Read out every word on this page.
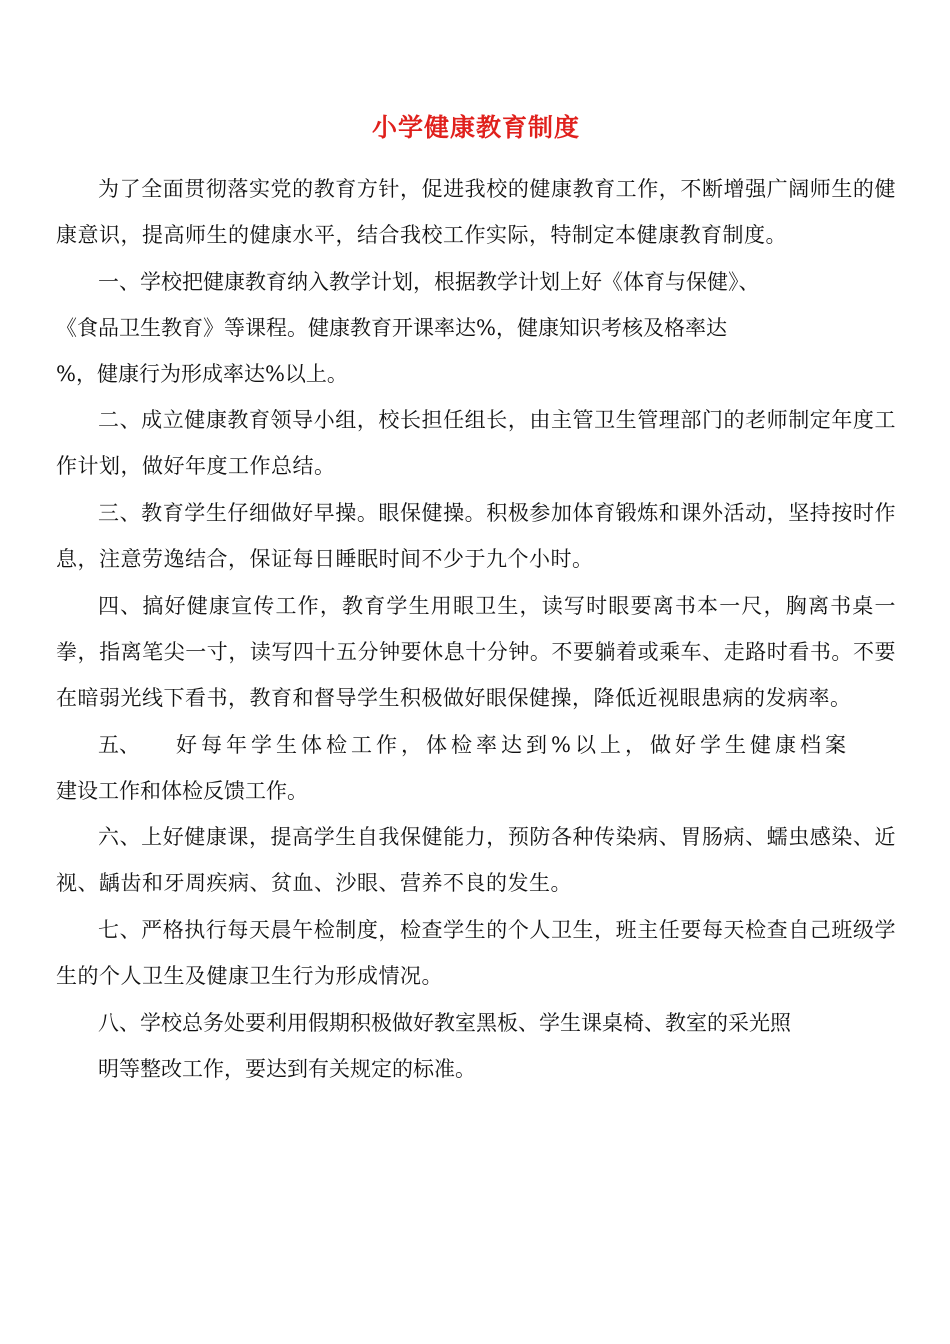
小学健康教育制度

为了全面贯彻落实党的教育方针，促进我校的健康教育工作，不断增强广阔师生的健康意识，提高师生的健康水平，结合我校工作实际，特制定本健康教育制度。

一、学校把健康教育纳入教学计划，根据教学计划上好《体育与保健》、

《食品卫生教育》等课程。健康教育开课率达%，健康知识考核及格率达

%，健康行为形成率达%以上。

二、成立健康教育领导小组，校长担任组长，由主管卫生管理部门的老师制定年度工作计划，做好年度工作总结。

三、教育学生仔细做好早操。眼保健操。积极参加体育锻炼和课外活动，坚持按时作息，注意劳逸结合，保证每日睡眠时间不少于九个小时。

四、搞好健康宣传工作，教育学生用眼卫生，读写时眼要离书本一尺，胸离书桌一拳，指离笔尖一寸，读写四十五分钟要休息十分钟。不要躺着或乘车、走路时看书。不要在暗弱光线下看书，教育和督导学生积极做好眼保健操，降低近视眼患病的发病率。

五、 好每年学生体检工作，体检率达到%以上，做好学生健康档案

建设工作和体检反馈工作。

六、上好健康课，提高学生自我保健能力，预防各种传染病、胃肠病、蠕虫感染、近视、龋齿和牙周疾病、贫血、沙眼、营养不良的发生。

七、严格执行每天晨午检制度，检查学生的个人卫生，班主任要每天检查自己班级学生的个人卫生及健康卫生行为形成情况。

八、学校总务处要利用假期积极做好教室黑板、学生课桌椅、教室的采光照

明等整改工作，要达到有关规定的标准。
